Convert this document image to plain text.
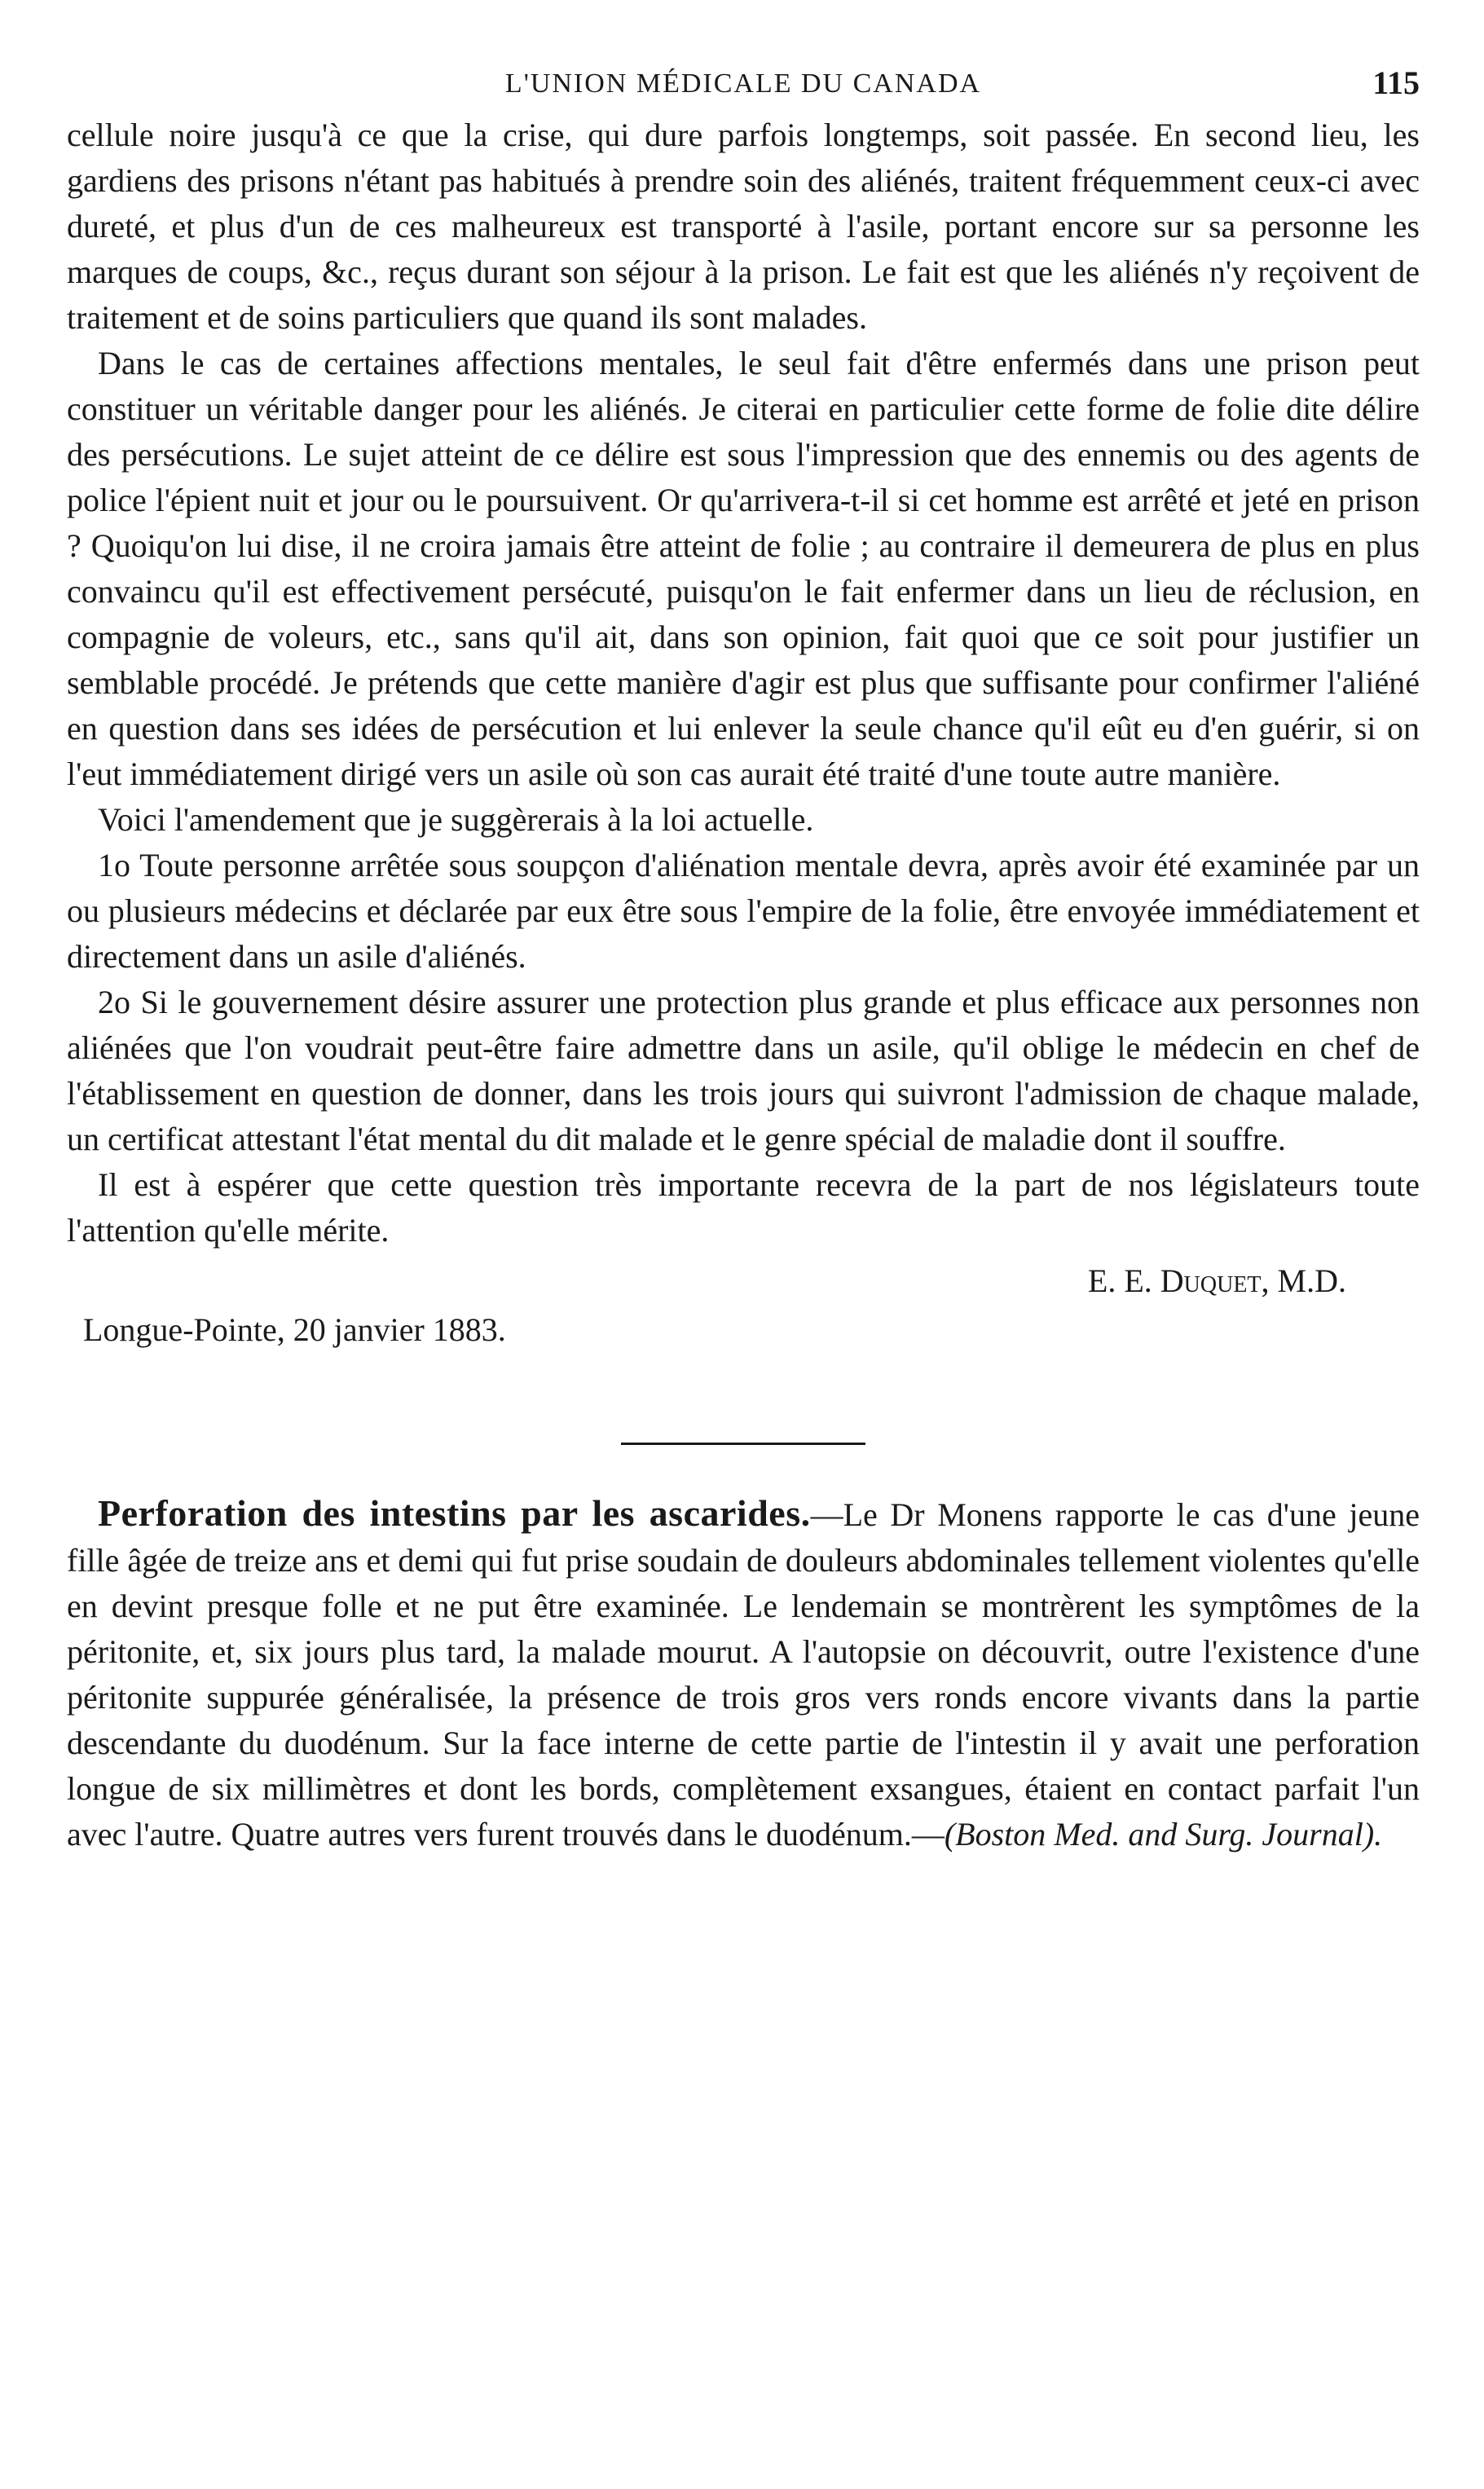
L'UNION MÉDICALE DU CANADA	115

cellule noire jusqu'à ce que la crise, qui dure parfois longtemps, soit passée. En second lieu, les gardiens des prisons n'étant pas habitués à prendre soin des aliénés, traitent fréquemment ceux-ci avec dureté, et plus d'un de ces malheureux est transporté à l'asile, portant encore sur sa personne les marques de coups, &c., reçus durant son séjour à la prison. Le fait est que les aliénés n'y reçoivent de traitement et de soins particuliers que quand ils sont malades.

Dans le cas de certaines affections mentales, le seul fait d'être enfermés dans une prison peut constituer un véritable danger pour les aliénés. Je citerai en particulier cette forme de folie dite délire des persécutions. Le sujet atteint de ce délire est sous l'impression que des ennemis ou des agents de police l'épient nuit et jour ou le poursuivent. Or qu'arrivera-t-il si cet homme est arrêté et jeté en prison ? Quoiqu'on lui dise, il ne croira jamais être atteint de folie ; au contraire il demeurera de plus en plus convaincu qu'il est effectivement persécuté, puisqu'on le fait enfermer dans un lieu de réclusion, en compagnie de voleurs, etc., sans qu'il ait, dans son opinion, fait quoi que ce soit pour justifier un semblable procédé. Je prétends que cette manière d'agir est plus que suffisante pour confirmer l'aliéné en question dans ses idées de persécution et lui enlever la seule chance qu'il eût eu d'en guérir, si on l'eut immédiatement dirigé vers un asile où son cas aurait été traité d'une toute autre manière.

Voici l'amendement que je suggèrerais à la loi actuelle.

1o Toute personne arrêtée sous soupçon d'aliénation mentale devra, après avoir été examinée par un ou plusieurs médecins et déclarée par eux être sous l'empire de la folie, être envoyée immédiatement et directement dans un asile d'aliénés.

2o Si le gouvernement désire assurer une protection plus grande et plus efficace aux personnes non aliénées que l'on voudrait peut-être faire admettre dans un asile, qu'il oblige le médecin en chef de l'établissement en question de donner, dans les trois jours qui suivront l'admission de chaque malade, un certificat attestant l'état mental du dit malade et le genre spécial de maladie dont il souffre.

Il est à espérer que cette question très importante recevra de la part de nos législateurs toute l'attention qu'elle mérite.

E. E. Duquet, M.D.

Longue-Pointe, 20 janvier 1883.

Perforation des intestins par les ascarides.—Le Dr Monens rapporte le cas d'une jeune fille âgée de treize ans et demi qui fut prise soudain de douleurs abdominales tellement violentes qu'elle en devint presque folle et ne put être examinée. Le lendemain se montrèrent les symptômes de la péritonite, et, six jours plus tard, la malade mourut. A l'autopsie on découvrit, outre l'existence d'une péritonite suppurée généralisée, la présence de trois gros vers ronds encore vivants dans la partie descendante du duodénum. Sur la face interne de cette partie de l'intestin il y avait une perforation longue de six millimètres et dont les bords, complètement exsangues, étaient en contact parfait l'un avec l'autre. Quatre autres vers furent trouvés dans le duodénum.—(Boston Med. and Surg. Journal).
